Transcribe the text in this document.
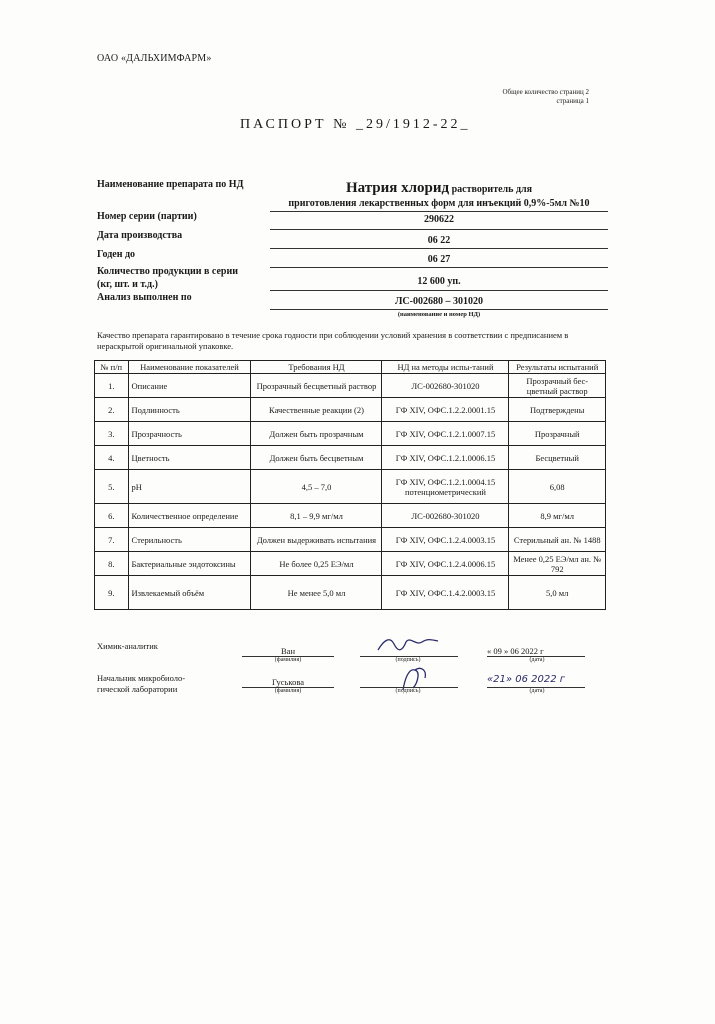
ОАО «ДАЛЬХИМФАРМ»
Общее количество страниц 2
страница 1
ПАСПОРТ № _29/1912-22_
Наименование препарата по НД	Натрия хлорид растворитель для
приготовления лекарственных форм для инъекций 0,9%-5мл №10
Номер серии (партии)	290622
Дата производства	06 22
Годен до	06 27
Количество продукции в серии
(кг, шт. и т.д.)	12 600 уп.
Анализ выполнен по	ЛС-002680 – 301020
(наименование и номер НД)
Качество препарата гарантировано в течение срока годности при соблюдении условий хранения в соответствии с предписанием в нераскрытой оригинальной упаковке.
№ п/п	Наименование показателей	Требования НД	НД на методы испы-таний	Результаты испытаний
1.	Описание	Прозрачный бесцветный раствор	ЛС-002680-301020	Прозрачный бес-цветный раствор
2.	Подлинность	Качественные реакции (2)	ГФ XIV, ОФС.1.2.2.0001.15	Подтверждены
3.	Прозрачность	Должен быть прозрачным	ГФ XIV, ОФС.1.2.1.0007.15	Прозрачный
4.	Цветность	Должен быть бесцветным	ГФ XIV, ОФС.1.2.1.0006.15	Бесцветный
5.	pH	4,5 – 7,0	ГФ XIV, ОФС.1.2.1.0004.15 потенциометрический	6,08
6.	Количественное определение	8,1 – 9,9 мг/мл	ЛС-002680-301020	8,9 мг/мл
7.	Стерильность	Должен выдерживать испытания	ГФ XIV, ОФС.1.2.4.0003.15	Стерильный ан. № 1488
8.	Бактериальные эндотоксины	Не более 0,25 ЕЭ/мл	ГФ XIV, ОФС.1.2.4.0006.15	Менее 0,25 ЕЭ/мл ан. № 792
9.	Извлекаемый объём	Не менее 5,0 мл	ГФ XIV, ОФС.1.4.2.0003.15	5,0 мл
Химик-аналитик	Ван
(фамилия)	(подпись)
« 09 » 06 2022 г
(дата)
Начальник микробиоло-
гической лаборатории
Гуськова
(фамилия)	(подпись)
«21» 06 2022 г
(дата)
